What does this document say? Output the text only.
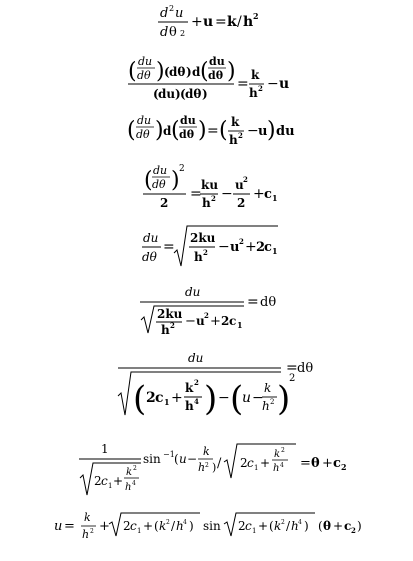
d 2 u
d θ 2
+ u = k / h 2
( du
dθ ) ( dθ ) d ( du
dθ )
( du ) ( dθ )
=
k
h 2 − u
( du
dθ ) d ( du
dθ ) = ( k
h 2 − u ) du
( du
dθ ) 2
2
=
ku
h 2 −
u 2
2
+ c 1
du
dθ
=
2ku
h 2 − u 2 + 2
c 1
du
2ku
h 2 − u 2 + 2 c 1
= dθ
du
( 2 c 1 +
k 2
h 4 ) − (
u −
k
h 2 )
2
= dθ
1
2 c 1 +
k 2
h 4
sin −1 ( u −
k
h 2 ) / 2 c 1 +
k 2
h 4 = θ + c 2
u =
k
h 2 + 2 c 1 + ( k 2 / h 4 ) sin 2 c 1 + ( k 2 / h 4 ) ( θ + c 2 )
